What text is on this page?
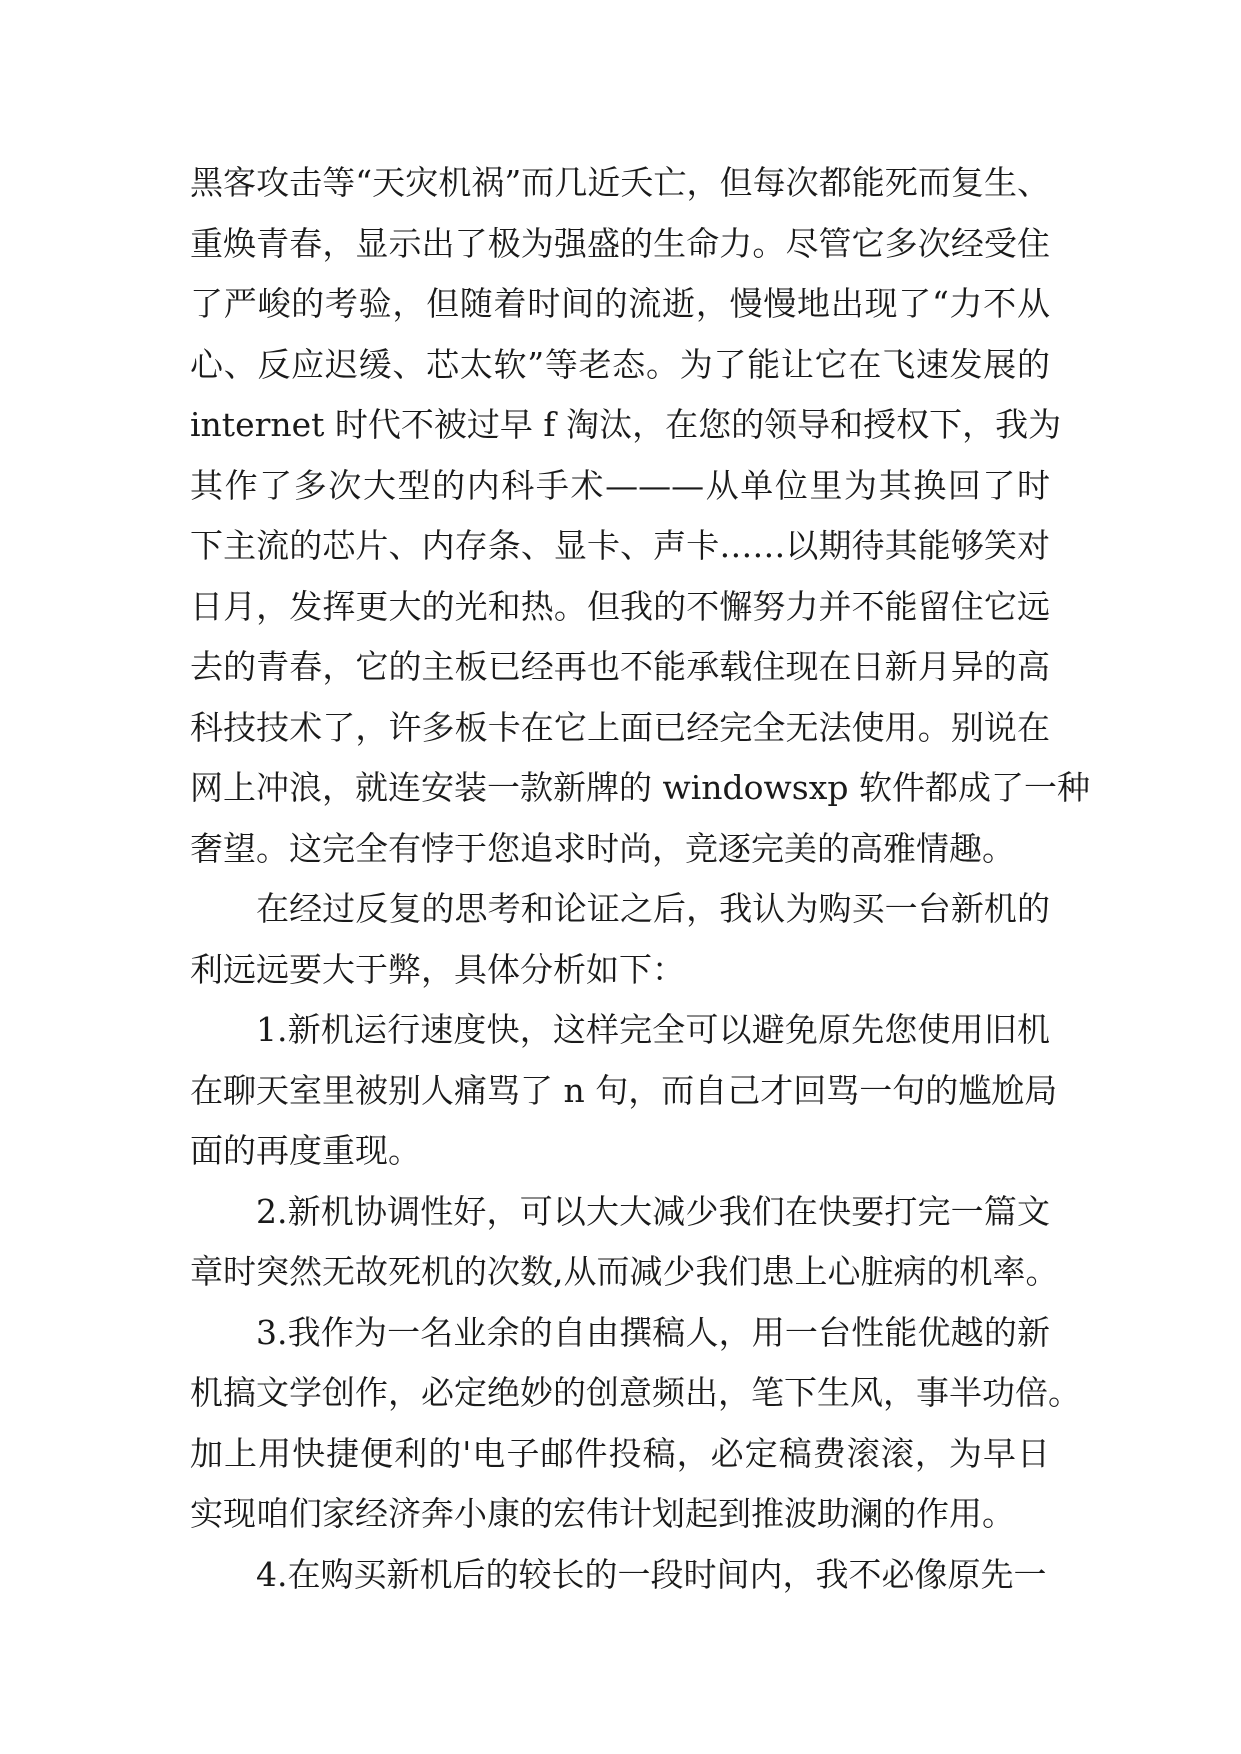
黑客攻击等“天灾机祸”而几近夭亡，但每次都能死而复生、
重焕青春，显示出了极为强盛的生命力。尽管它多次经受住
了严峻的考验，但随着时间的流逝，慢慢地出现了“力不从
心、反应迟缓、芯太软”等老态。为了能让它在飞速发展的
internet 时代不被过早 f 淘汰，在您的领导和授权下，我为
其作了多次大型的内科手术———从单位里为其换回了时
下主流的芯片、内存条、显卡、声卡……以期待其能够笑对
日月，发挥更大的光和热。但我的不懈努力并不能留住它远
去的青春，它的主板已经再也不能承载住现在日新月异的高
科技技术了，许多板卡在它上面已经完全无法使用。别说在
网上冲浪，就连安装一款新牌的 windowsxp 软件都成了一种
奢望。这完全有悖于您追求时尚，竞逐完美的高雅情趣。
在经过反复的思考和论证之后，我认为购买一台新机的
利远远要大于弊，具体分析如下：
1.新机运行速度快，这样完全可以避免原先您使用旧机
在聊天室里被别人痛骂了 n 句，而自己才回骂一句的尴尬局
面的再度重现。
2.新机协调性好，可以大大减少我们在快要打完一篇文
章时突然无故死机的次数,从而减少我们患上心脏病的机率。
3.我作为一名业余的自由撰稿人，用一台性能优越的新
机搞文学创作，必定绝妙的创意频出，笔下生风，事半功倍。
加上用快捷便利的'电子邮件投稿，必定稿费滚滚，为早日
实现咱们家经济奔小康的宏伟计划起到推波助澜的作用。
4.在购买新机后的较长的一段时间内，我不必像原先一
